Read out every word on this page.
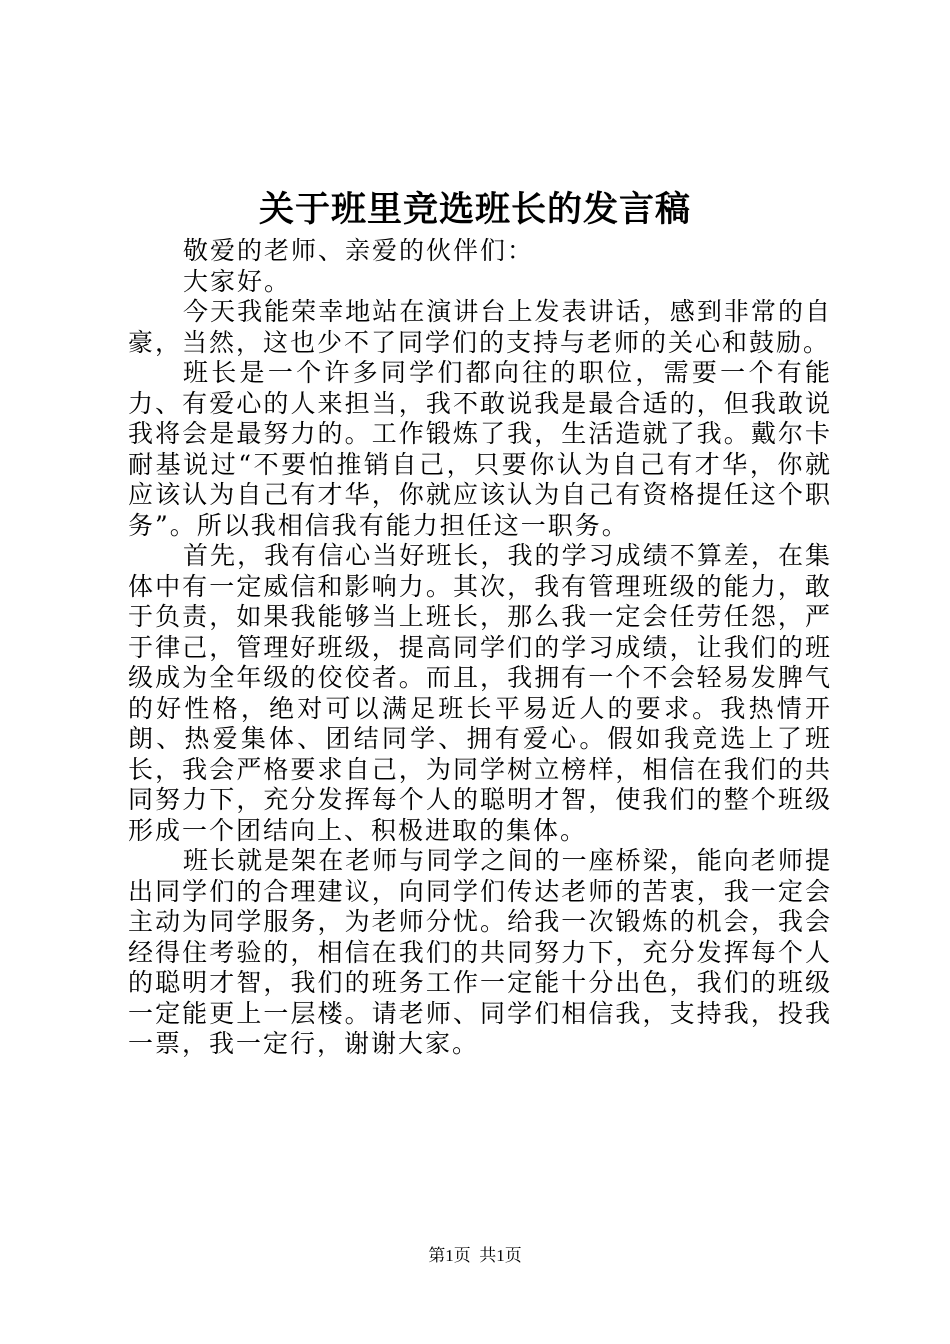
关于班里竞选班长的发言稿

敬爱的老师、亲爱的伙伴们：

大家好。

今天我能荣幸地站在演讲台上发表讲话，感到非常的自豪，当然，这也少不了同学们的支持与老师的关心和鼓励。

班长是一个许多同学们都向往的职位，需要一个有能力、有爱心的人来担当，我不敢说我是最合适的，但我敢说我将会是最努力的。工作锻炼了我，生活造就了我。戴尔卡耐基说过“不要怕推销自己，只要你认为自己有才华，你就应该认为自己有才华，你就应该认为自己有资格提任这个职务”。所以我相信我有能力担任这一职务。

首先，我有信心当好班长，我的学习成绩不算差，在集体中有一定威信和影响力。其次，我有管理班级的能力，敢于负责，如果我能够当上班长，那么我一定会任劳任怨，严于律己，管理好班级，提高同学们的学习成绩，让我们的班级成为全年级的佼佼者。而且，我拥有一个不会轻易发脾气的好性格，绝对可以满足班长平易近人的要求。我热情开朗、热爱集体、团结同学、拥有爱心。假如我竞选上了班长，我会严格要求自己，为同学树立榜样，相信在我们的共同努力下，充分发挥每个人的聪明才智，使我们的整个班级形成一个团结向上、积极进取的集体。

班长就是架在老师与同学之间的一座桥梁，能向老师提出同学们的合理建议，向同学们传达老师的苦衷，我一定会主动为同学服务，为老师分忧。给我一次锻炼的机会，我会经得住考验的，相信在我们的共同努力下，充分发挥每个人的聪明才智，我们的班务工作一定能十分出色，我们的班级一定能更上一层楼。请老师、同学们相信我，支持我，投我一票，我一定行，谢谢大家。

第1页  共1页
